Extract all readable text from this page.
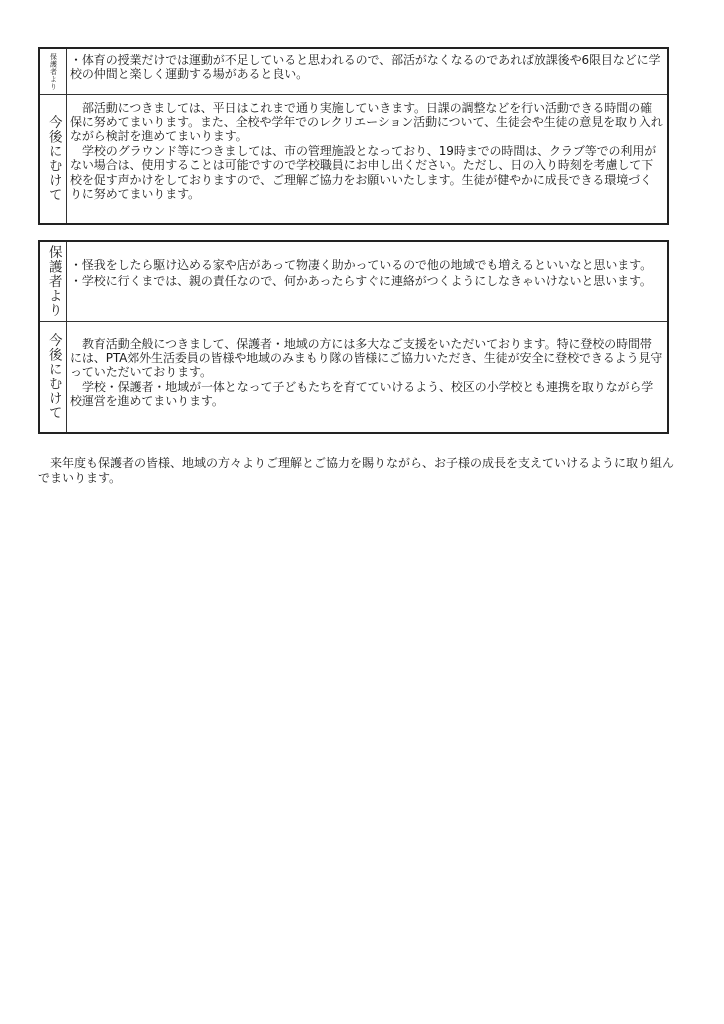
保護者より	・体育の授業だけでは運動が不足していると思われるので、部活がなくなるのであれば放課後や6限目などに学校の仲間と楽しく運動する場があると良い。

今後にむけて	部活動につきましては、平日はこれまで通り実施していきます。日課の調整などを行い活動できる時間の確保に努めてまいります。また、全校や学年でのレクリエーション活動について、生徒会や生徒の意見を取り入れながら検討を進めてまいります。

学校のグラウンド等につきましては、市の管理施設となっており、19時までの時間は、クラブ等での利用がない場合は、使用することは可能ですので学校職員にお申し出ください。ただし、日の入り時刻を考慮して下校を促す声かけをしておりますので、ご理解ご協力をお願いいたします。生徒が健やかに成長できる環境づくりに努めてまいります。

保護者より	・怪我をしたら駆け込める家や店があって物凄く助かっているので他の地域でも増えるといいなと思います。

・学校に行くまでは、親の責任なので、何かあったらすぐに連絡がつくようにしなきゃいけないと思います。

今後にむけて	教育活動全般につきまして、保護者・地域の方には多大なご支援をいただいております。特に登校の時間帯には、PTA郊外生活委員の皆様や地域のみまもり隊の皆様にご協力いただき、生徒が安全に登校できるよう見守っていただいております。

学校・保護者・地域が一体となって子どもたちを育てていけるよう、校区の小学校とも連携を取りながら学校運営を進めてまいります。

来年度も保護者の皆様、地域の方々よりご理解とご協力を賜りながら、お子様の成長を支えていけるように取り組んでまいります。
